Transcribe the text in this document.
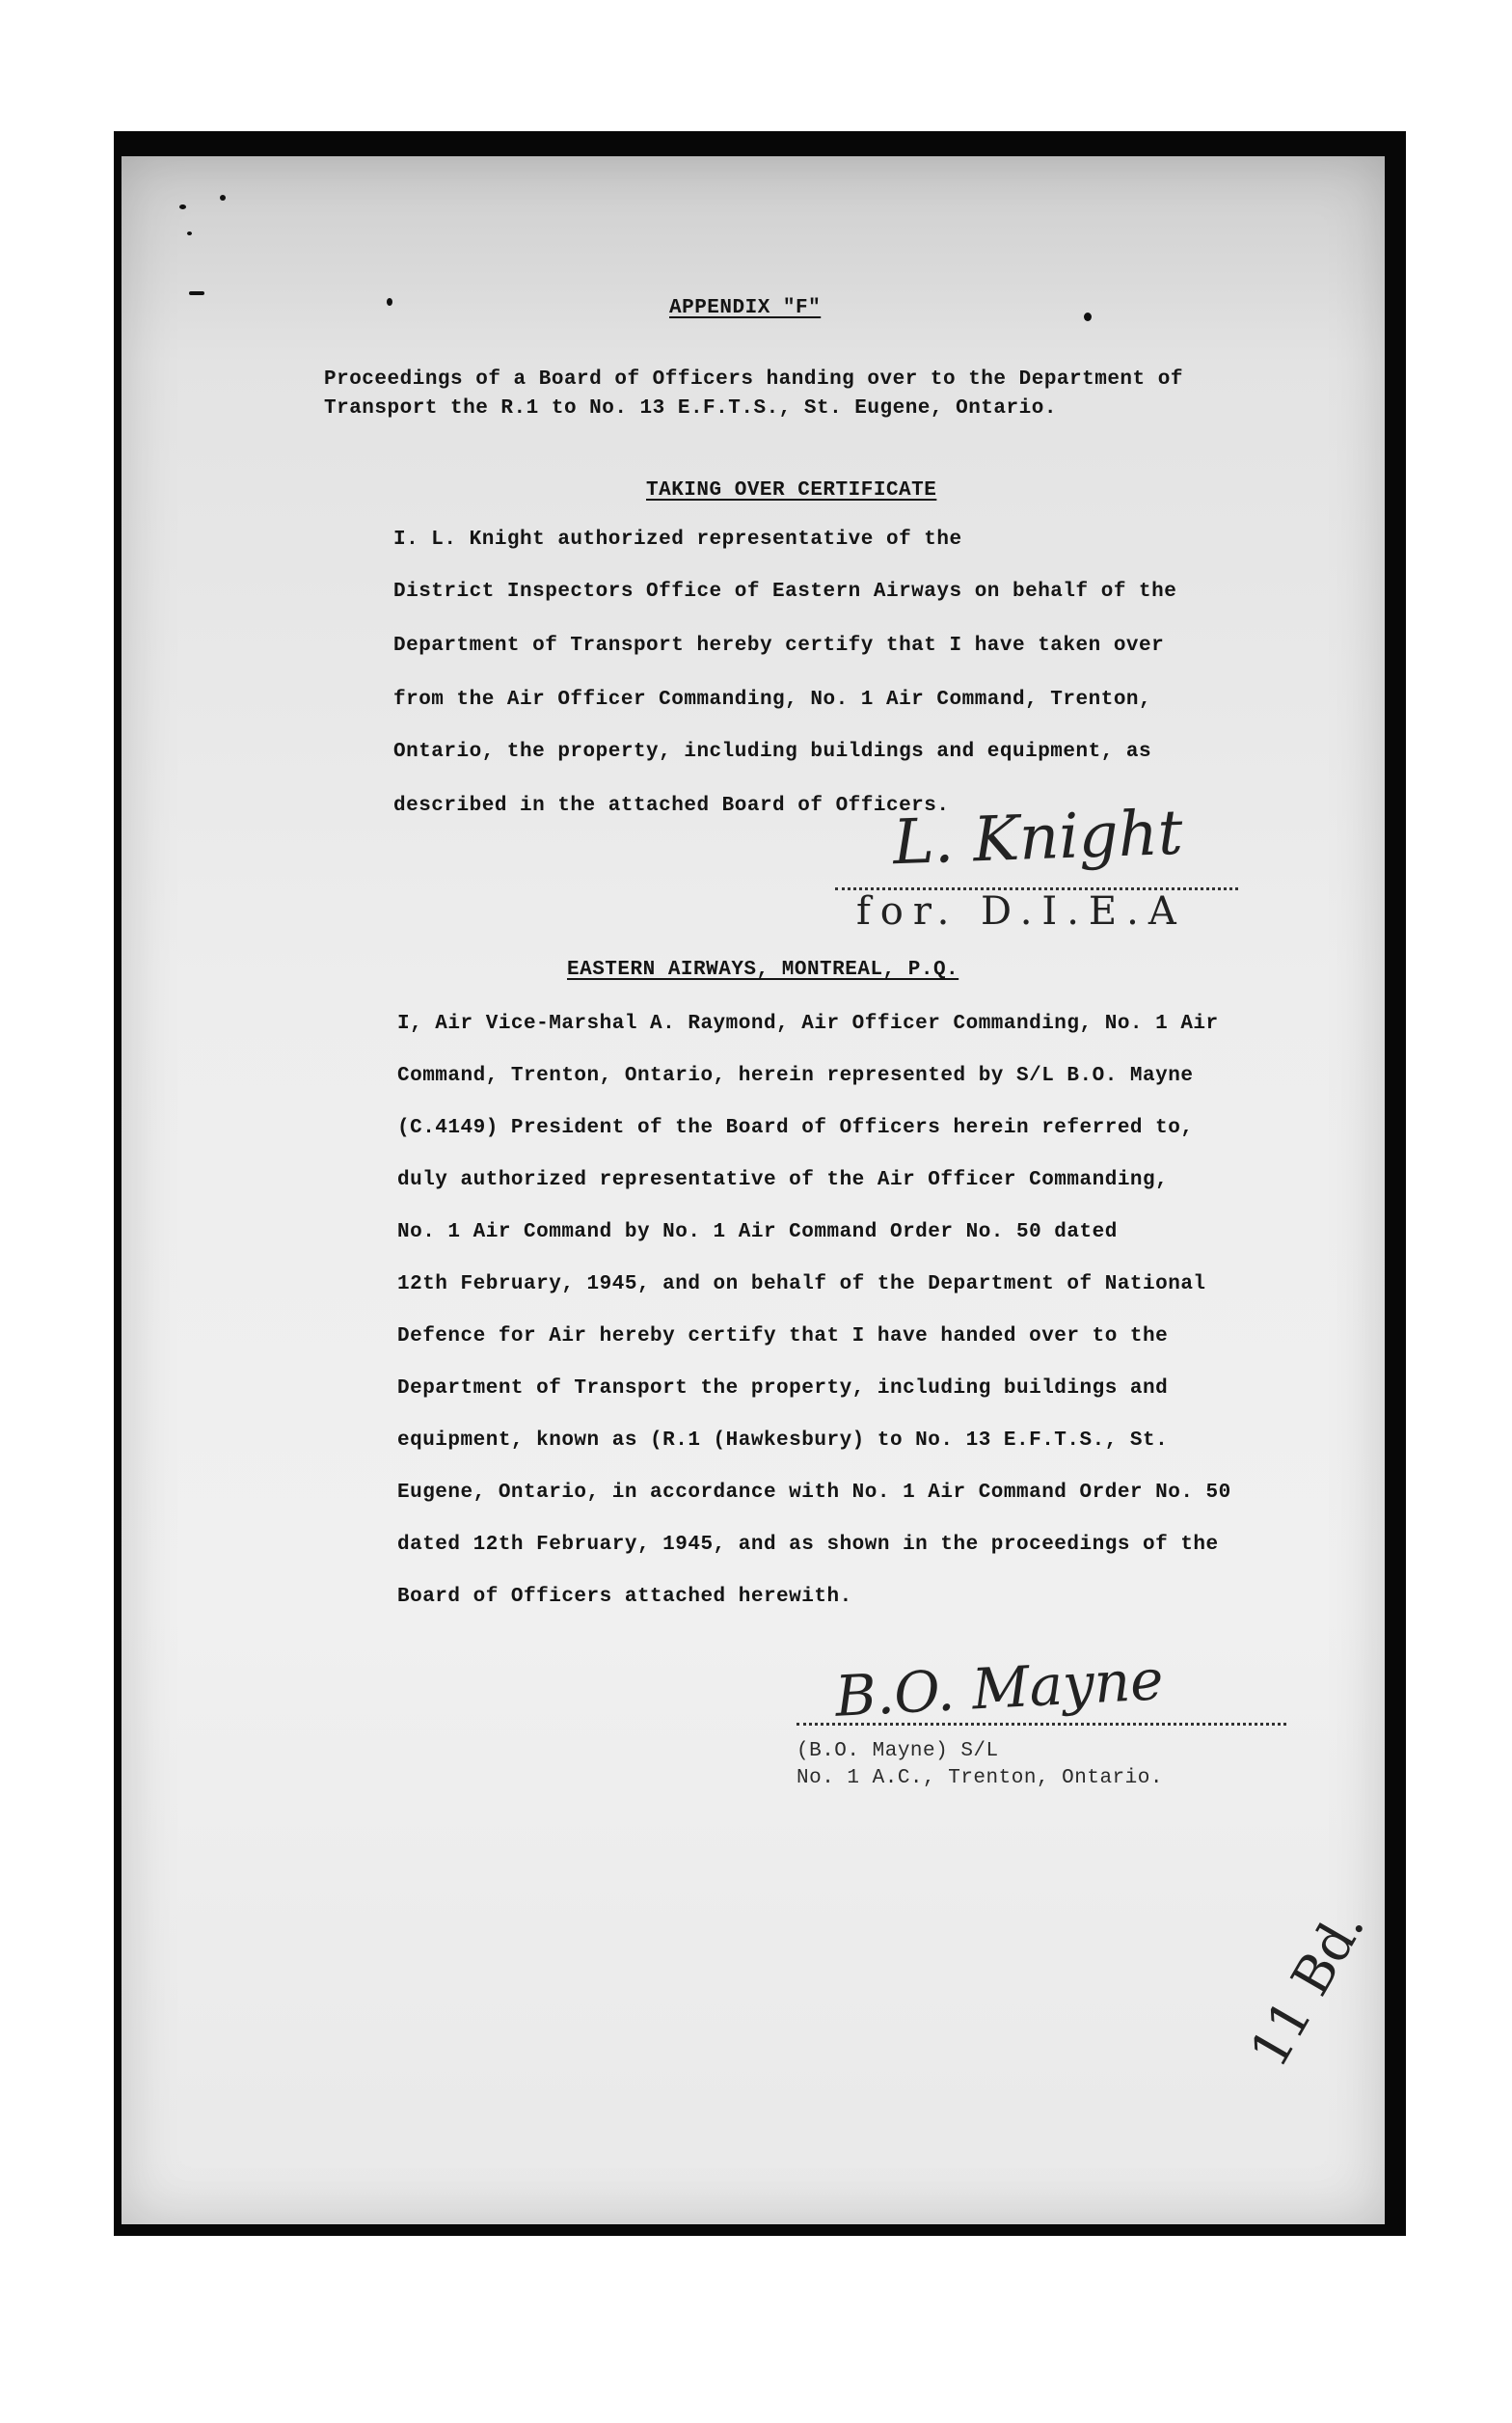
APPENDIX "F"
Proceedings of a Board of Officers handing over to the Department of
Transport the R.1 to No. 13 E.F.T.S., St. Eugene, Ontario.
TAKING OVER CERTIFICATE
I. L. Knight authorized representative of the
District Inspectors Office of Eastern Airways on behalf of the
Department of Transport hereby certify that I have taken over
from the Air Officer Commanding, No. 1 Air Command, Trenton,
Ontario, the property, including buildings and equipment, as
described in the attached Board of Officers.
L. Knight
for. D.I.E.A
EASTERN AIRWAYS, MONTREAL, P.Q.
I, Air Vice-Marshal A. Raymond, Air Officer Commanding, No. 1 Air
Command, Trenton, Ontario, herein represented by S/L B.O. Mayne
(C.4149) President of the Board of Officers herein referred to,
duly authorized representative of the Air Officer Commanding,
No. 1 Air Command by No. 1 Air Command Order No. 50 dated
12th February, 1945, and on behalf of the Department of National
Defence for Air hereby certify that I have handed over to the
Department of Transport the property, including buildings and
equipment, known as (R.1 (Hawkesbury) to No. 13 E.F.T.S., St.
Eugene, Ontario, in accordance with No. 1 Air Command Order No. 50
dated 12th February, 1945, and as shown in the proceedings of the
Board of Officers attached herewith.
B.O. Mayne
(B.O. Mayne) S/L
No. 1 A.C., Trenton, Ontario.
11 Bd.
